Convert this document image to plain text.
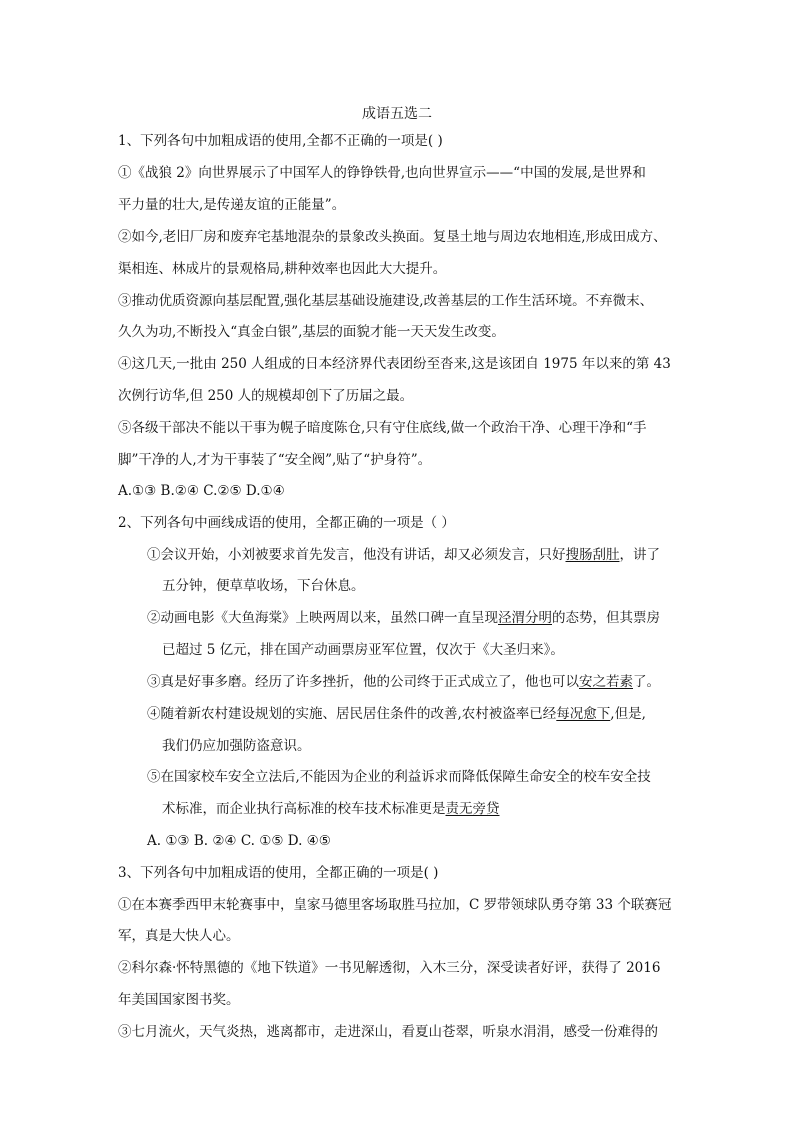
成语五选二
1、下列各句中加粗成语的使用,全都不正确的一项是( )
①《战狼 2》向世界展示了中国军人的铮铮铁骨,也向世界宣示——“中国的发展,是世界和
平力量的壮大,是传递友谊的正能量”。
②如今,老旧厂房和废弃宅基地混杂的景象改头换面。复垦土地与周边农地相连,形成田成方、
渠相连、林成片的景观格局,耕种效率也因此大大提升。
③推动优质资源向基层配置,强化基层基础设施建设,改善基层的工作生活环境。不弃微末、
久久为功,不断投入“真金白银”,基层的面貌才能一天天发生改变。
④这几天,一批由 250 人组成的日本经济界代表团纷至沓来,这是该团自 1975 年以来的第 43
次例行访华,但 250 人的规模却创下了历届之最。
⑤各级干部决不能以干事为幌子暗度陈仓,只有守住底线,做一个政治干净、心理干净和“手
脚”干净的人,才为干事装了“安全阀”,贴了“护身符”。
A.①③ B.②④ C.②⑤ D.①④
2、下列各句中画线成语的使用，全都正确的一项是（ ）
①会议开始，小刘被要求首先发言，他没有讲话，却又必须发言，只好搜肠刮肚，讲了
五分钟，便草草收场，下台休息。
②动画电影《大鱼海棠》上映两周以来，虽然口碑一直呈现泾渭分明的态势，但其票房
已超过 5 亿元，排在国产动画票房亚军位置，仅次于《大圣归来》。
③真是好事多磨。经历了许多挫折，他的公司终于正式成立了，他也可以安之若素了。
④随着新农村建设规划的实施、居民居住条件的改善,农村被盗率已经每况愈下,但是,
我们仍应加强防盗意识。
⑤在国家校车安全立法后,不能因为企业的利益诉求而降低保障生命安全的校车安全技
术标准，而企业执行高标准的校车技术标准更是责无旁贷
A. ①③ B. ②④ C. ①⑤ D. ④⑤
3、下列各句中加粗成语的使用，全都正确的一项是( )
①在本赛季西甲末轮赛事中，皇家马德里客场取胜马拉加，C 罗带领球队勇夺第 33 个联赛冠
军，真是大快人心。
②科尔森·怀特黑德的《地下铁道》一书见解透彻，入木三分，深受读者好评，获得了 2016
年美国国家图书奖。
③七月流火，天气炎热，逃离都市，走进深山，看夏山苍翠，听泉水涓涓，感受一份难得的
